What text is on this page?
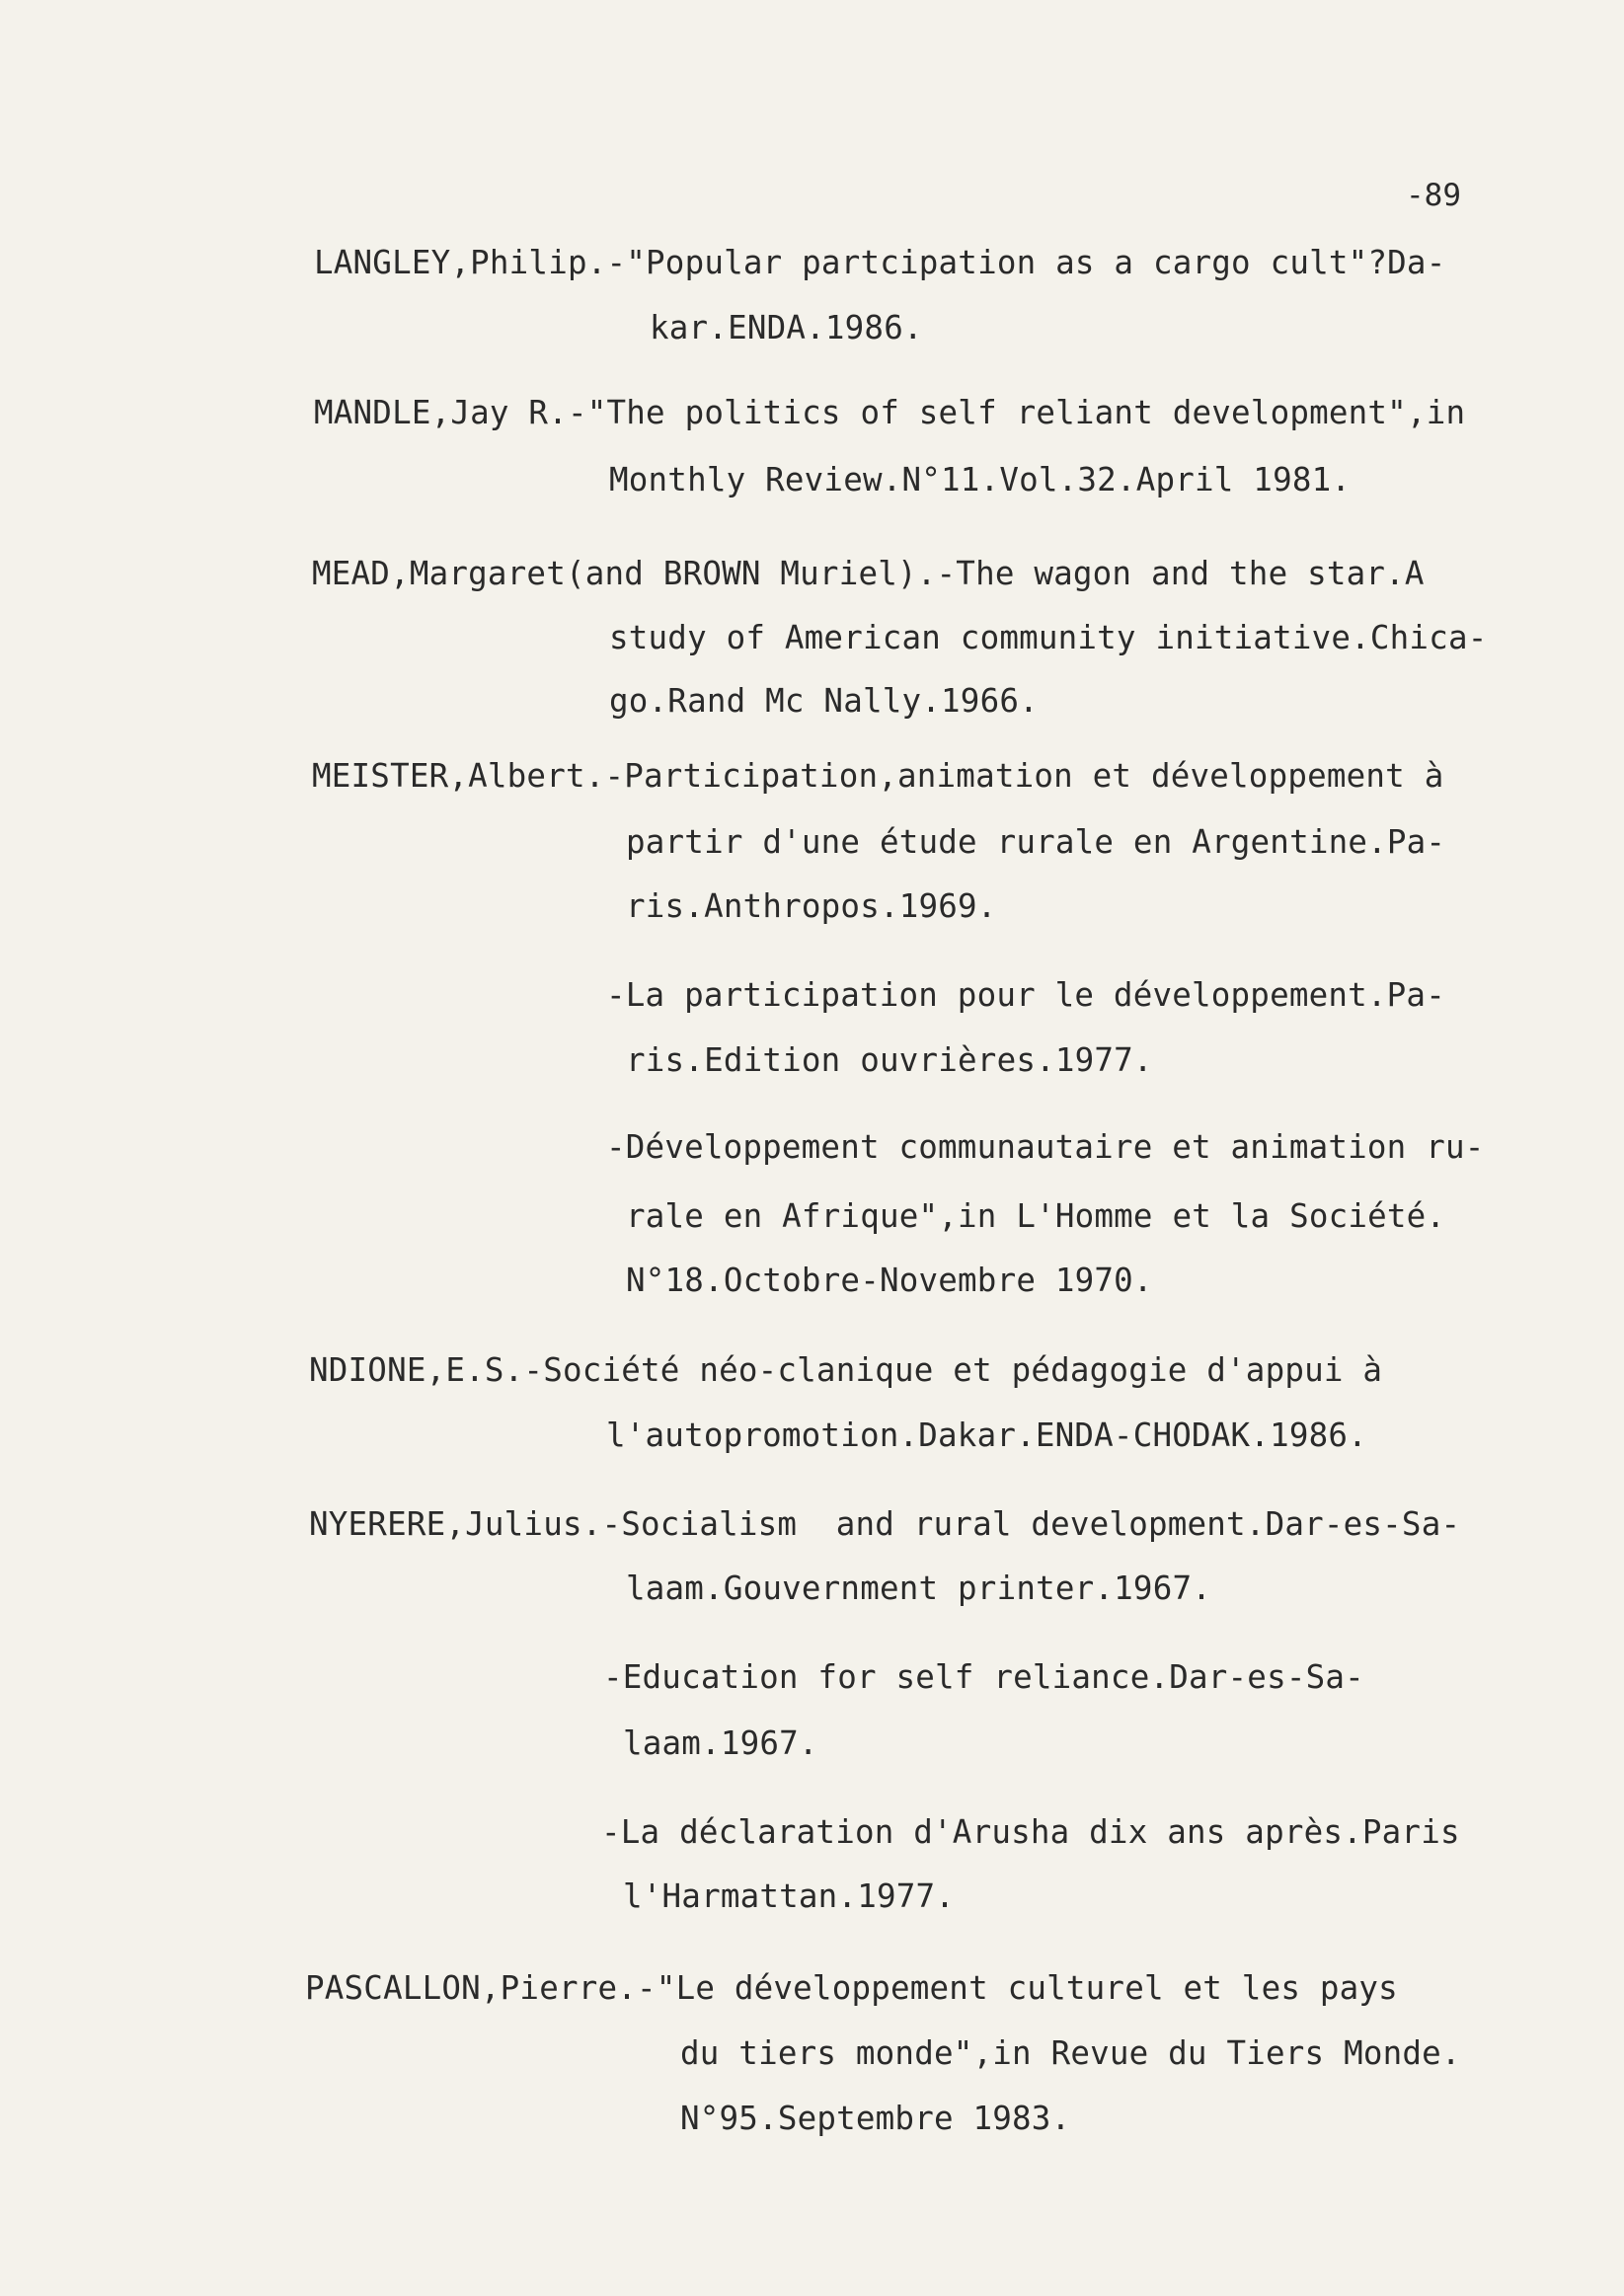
-89
LANGLEY,Philip.-"Popular partcipation as a cargo cult"?Da-
kar.ENDA.1986.
MANDLE,Jay R.-"The politics of self reliant development",in
Monthly Review.N°11.Vol.32.April 1981.
MEAD,Margaret(and BROWN Muriel).-The wagon and the star.A
study of American community initiative.Chica-
go.Rand Mc Nally.1966.
MEISTER,Albert.-Participation,animation et développement à
partir d'une étude rurale en Argentine.Pa-
ris.Anthropos.1969.
-La participation pour le développement.Pa-
ris.Edition ouvrières.1977.
-Développement communautaire et animation ru-
rale en Afrique",in L'Homme et la Société.
N°18.Octobre-Novembre 1970.
NDIONE,E.S.-Société néo-clanique et pédagogie d'appui à
l'autopromotion.Dakar.ENDA-CHODAK.1986.
NYERERE,Julius.-Socialism  and rural development.Dar-es-Sa-
laam.Gouvernment printer.1967.
-Education for self reliance.Dar-es-Sa-
laam.1967.
-La déclaration d'Arusha dix ans après.Paris
l'Harmattan.1977.
PASCALLON,Pierre.-"Le développement culturel et les pays
du tiers monde",in Revue du Tiers Monde.
N°95.Septembre 1983.
